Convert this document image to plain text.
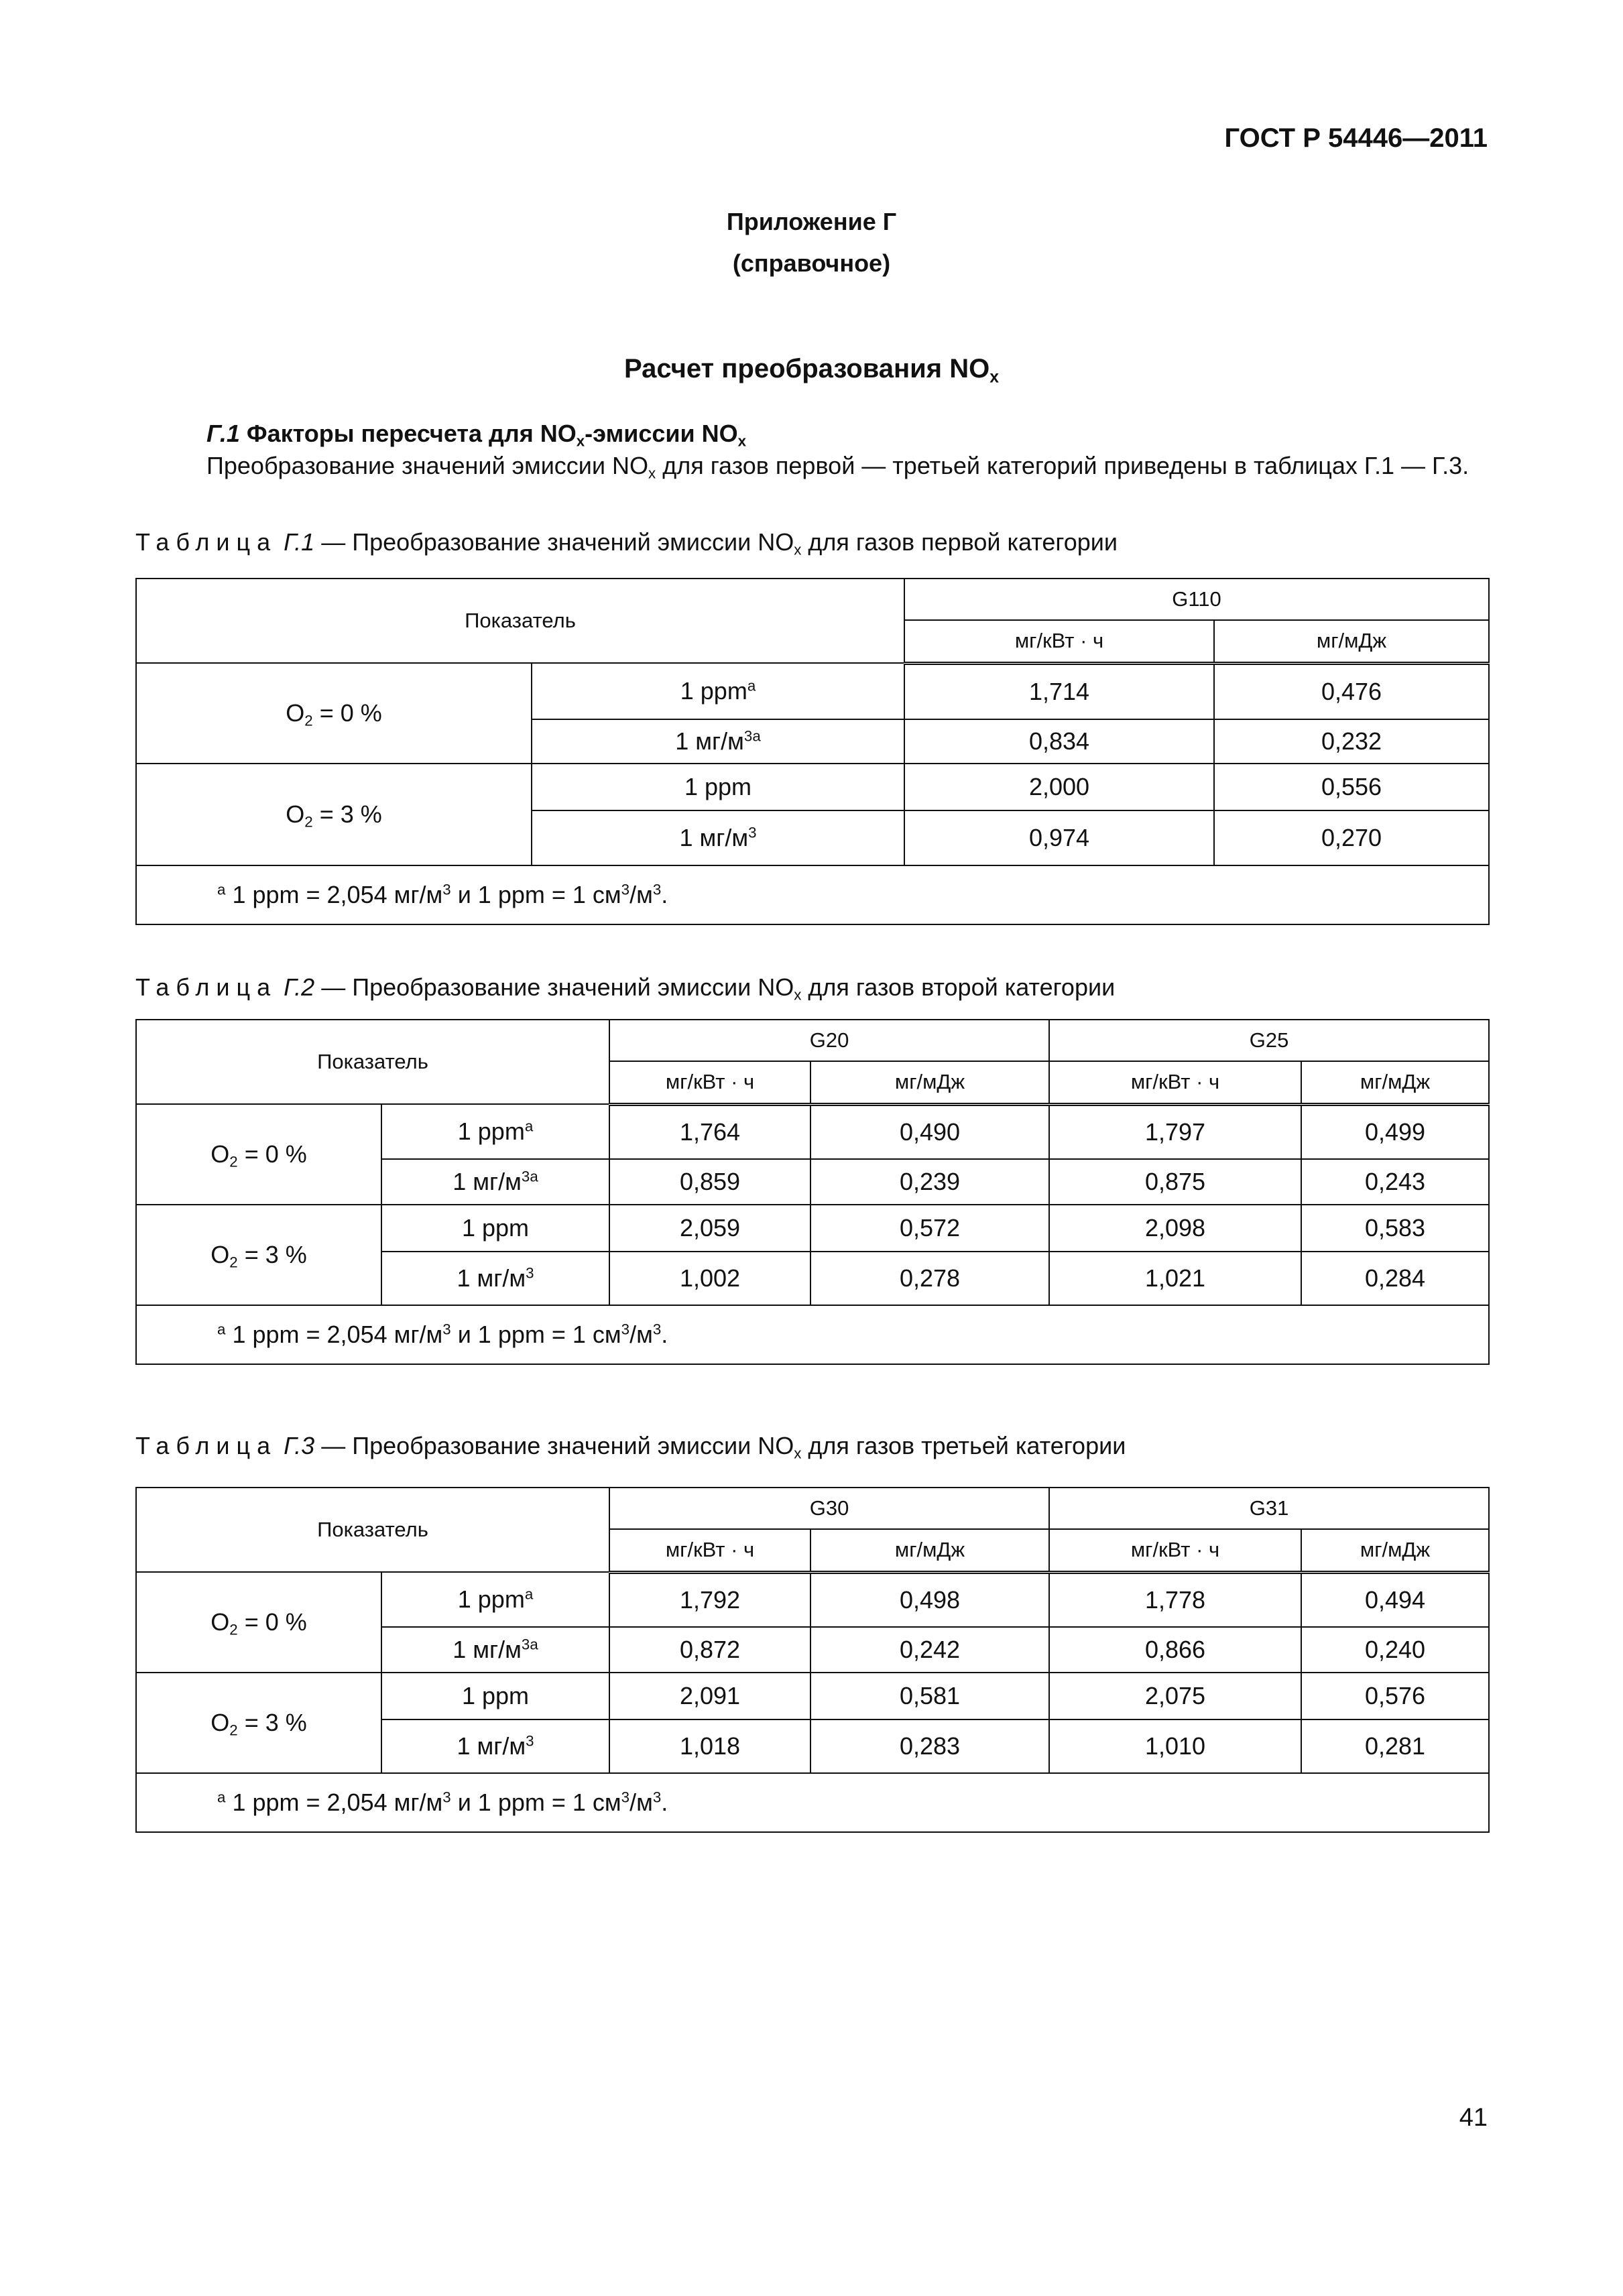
ГОСТ Р 54446—2011
Приложение Г
(справочное)
Расчет преобразования $NO_x$
Г.1 Факторы пересчета для $NO_x$-эмиссии $NO_x$
Преобразование значений эмиссии $NO_x$ для газов первой — третьей категорий приведены в таблицах Г.1 — Г.3.
Таблица Г.1 — Преобразование значений эмиссии $NO_x$ для газов первой категории
Показатель		G110	
		мг/кВт · ч	мг/мДж
$O_2 = 0$ %	1 ppm$^а$	1,714	0,476
	1 $мг/м^{3а}$	0,834	0,232
$O_2 = 3$ %	1 ppm	2,000	0,556
	1 $мг/м^3$	0,974	0,270
$^а$ 1 ppm = 2,054 $мг/м^3$ и 1 ppm = 1 $см^3/м^3$.			
Таблица Г.2 — Преобразование значений эмиссии $NO_x$ для газов второй категории
Показатель		G20		G25	
		мг/кВт · ч	мг/мДж	мг/кВт · ч	мг/мДж
$O_2 = 0$ %	1 ppm$^а$	1,764	0,490	1,797	0,499
	1 $мг/м^{3а}$	0,859	0,239	0,875	0,243
$O_2 = 3$ %	1 ppm	2,059	0,572	2,098	0,583
	1 $мг/м^3$	1,002	0,278	1,021	0,284
$^а$ 1 ppm = 2,054 $мг/м^3$ и 1 ppm = 1 $см^3/м^3$.					
Таблица Г.3 — Преобразование значений эмиссии $NO_x$ для газов третьей категории
Показатель		G30		G31	
		мг/кВт · ч	мг/мДж	мг/кВт · ч	мг/мДж
$O_2 = 0$ %	1 ppm$^а$	1,792	0,498	1,778	0,494
	1 $мг/м^{3а}$	0,872	0,242	0,866	0,240
$O_2 = 3$ %	1 ppm	2,091	0,581	2,075	0,576
	1 $мг/м^3$	1,018	0,283	1,010	0,281
$^а$ 1 ppm = 2,054 $мг/м^3$ и 1 ppm = 1 $см^3/м^3$.					
41
